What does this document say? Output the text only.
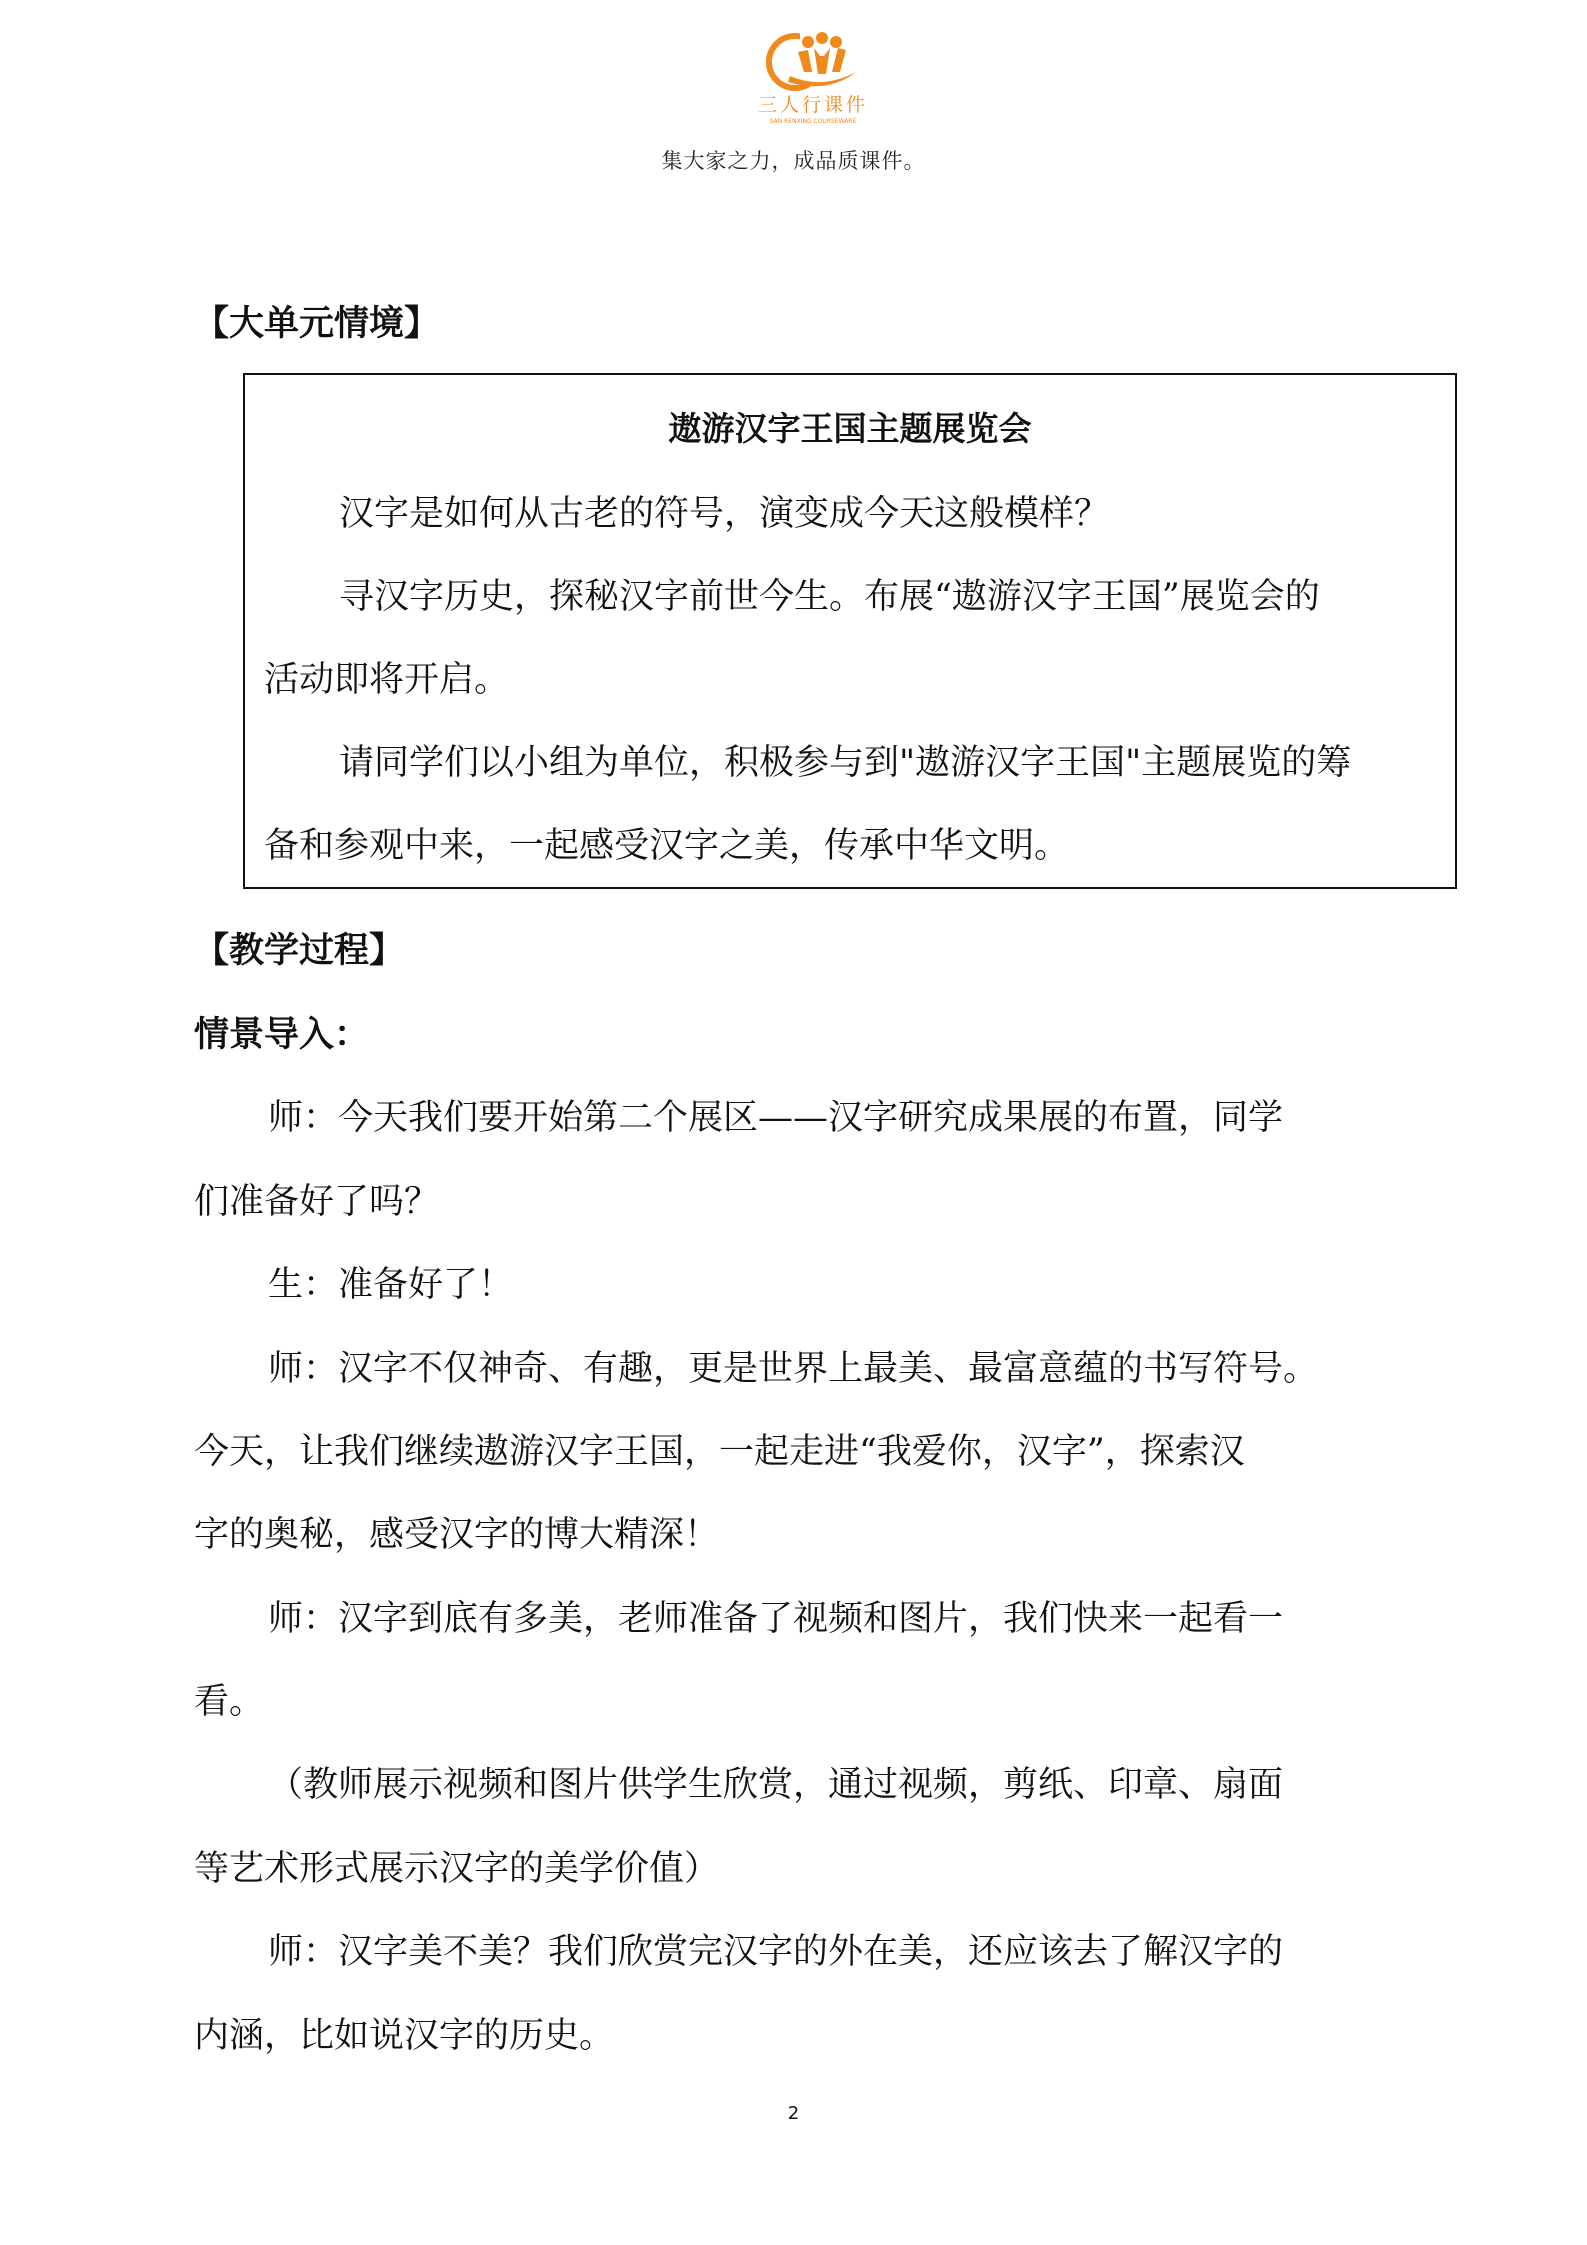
三人行课件
SAN RENXING COURSEWARE
集大家之力，成品质课件。
【大单元情境】
遨游汉字王国主题展览会
汉字是如何从古老的符号，演变成今天这般模样？
寻汉字历史，探秘汉字前世今生。布展“遨游汉字王国”展览会的
活动即将开启。
请同学们以小组为单位，积极参与到"遨游汉字王国"主题展览的筹
备和参观中来，一起感受汉字之美，传承中华文明。
【教学过程】
情景导入：
师：今天我们要开始第二个展区——汉字研究成果展的布置，同学
们准备好了吗？
生：准备好了！
师：汉字不仅神奇、有趣，更是世界上最美、最富意蕴的书写符号。
今天，让我们继续遨游汉字王国，一起走进“我爱你，汉字”，探索汉
字的奥秘，感受汉字的博大精深！
师：汉字到底有多美，老师准备了视频和图片，我们快来一起看一
看。
（教师展示视频和图片供学生欣赏，通过视频，剪纸、印章、扇面
等艺术形式展示汉字的美学价值）
师：汉字美不美？我们欣赏完汉字的外在美，还应该去了解汉字的
内涵，比如说汉字的历史。
2
